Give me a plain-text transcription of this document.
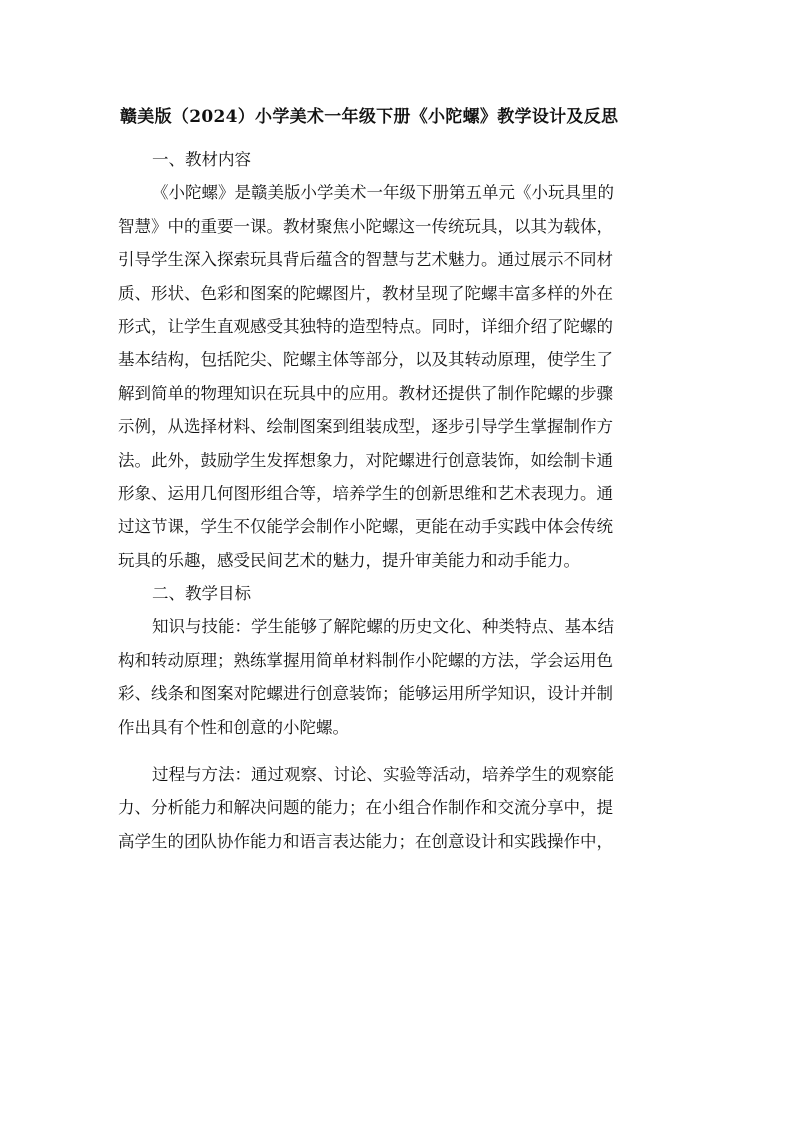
赣美版（2024）小学美术一年级下册《小陀螺》教学设计及反思
一、教材内容
《小陀螺》是赣美版小学美术一年级下册第五单元《小玩具里的
智慧》中的重要一课。教材聚焦小陀螺这一传统玩具，以其为载体，
引导学生深入探索玩具背后蕴含的智慧与艺术魅力。通过展示不同材
质、形状、色彩和图案的陀螺图片，教材呈现了陀螺丰富多样的外在
形式，让学生直观感受其独特的造型特点。同时，详细介绍了陀螺的
基本结构，包括陀尖、陀螺主体等部分，以及其转动原理，使学生了
解到简单的物理知识在玩具中的应用。教材还提供了制作陀螺的步骤
示例，从选择材料、绘制图案到组装成型，逐步引导学生掌握制作方
法。此外，鼓励学生发挥想象力，对陀螺进行创意装饰，如绘制卡通
形象、运用几何图形组合等，培养学生的创新思维和艺术表现力。通
过这节课，学生不仅能学会制作小陀螺，更能在动手实践中体会传统
玩具的乐趣，感受民间艺术的魅力，提升审美能力和动手能力。
二、教学目标
知识与技能：学生能够了解陀螺的历史文化、种类特点、基本结
构和转动原理；熟练掌握用简单材料制作小陀螺的方法，学会运用色
彩、线条和图案对陀螺进行创意装饰；能够运用所学知识，设计并制
作出具有个性和创意的小陀螺。
过程与方法：通过观察、讨论、实验等活动，培养学生的观察能
力、分析能力和解决问题的能力；在小组合作制作和交流分享中，提
高学生的团队协作能力和语言表达能力；在创意设计和实践操作中，
